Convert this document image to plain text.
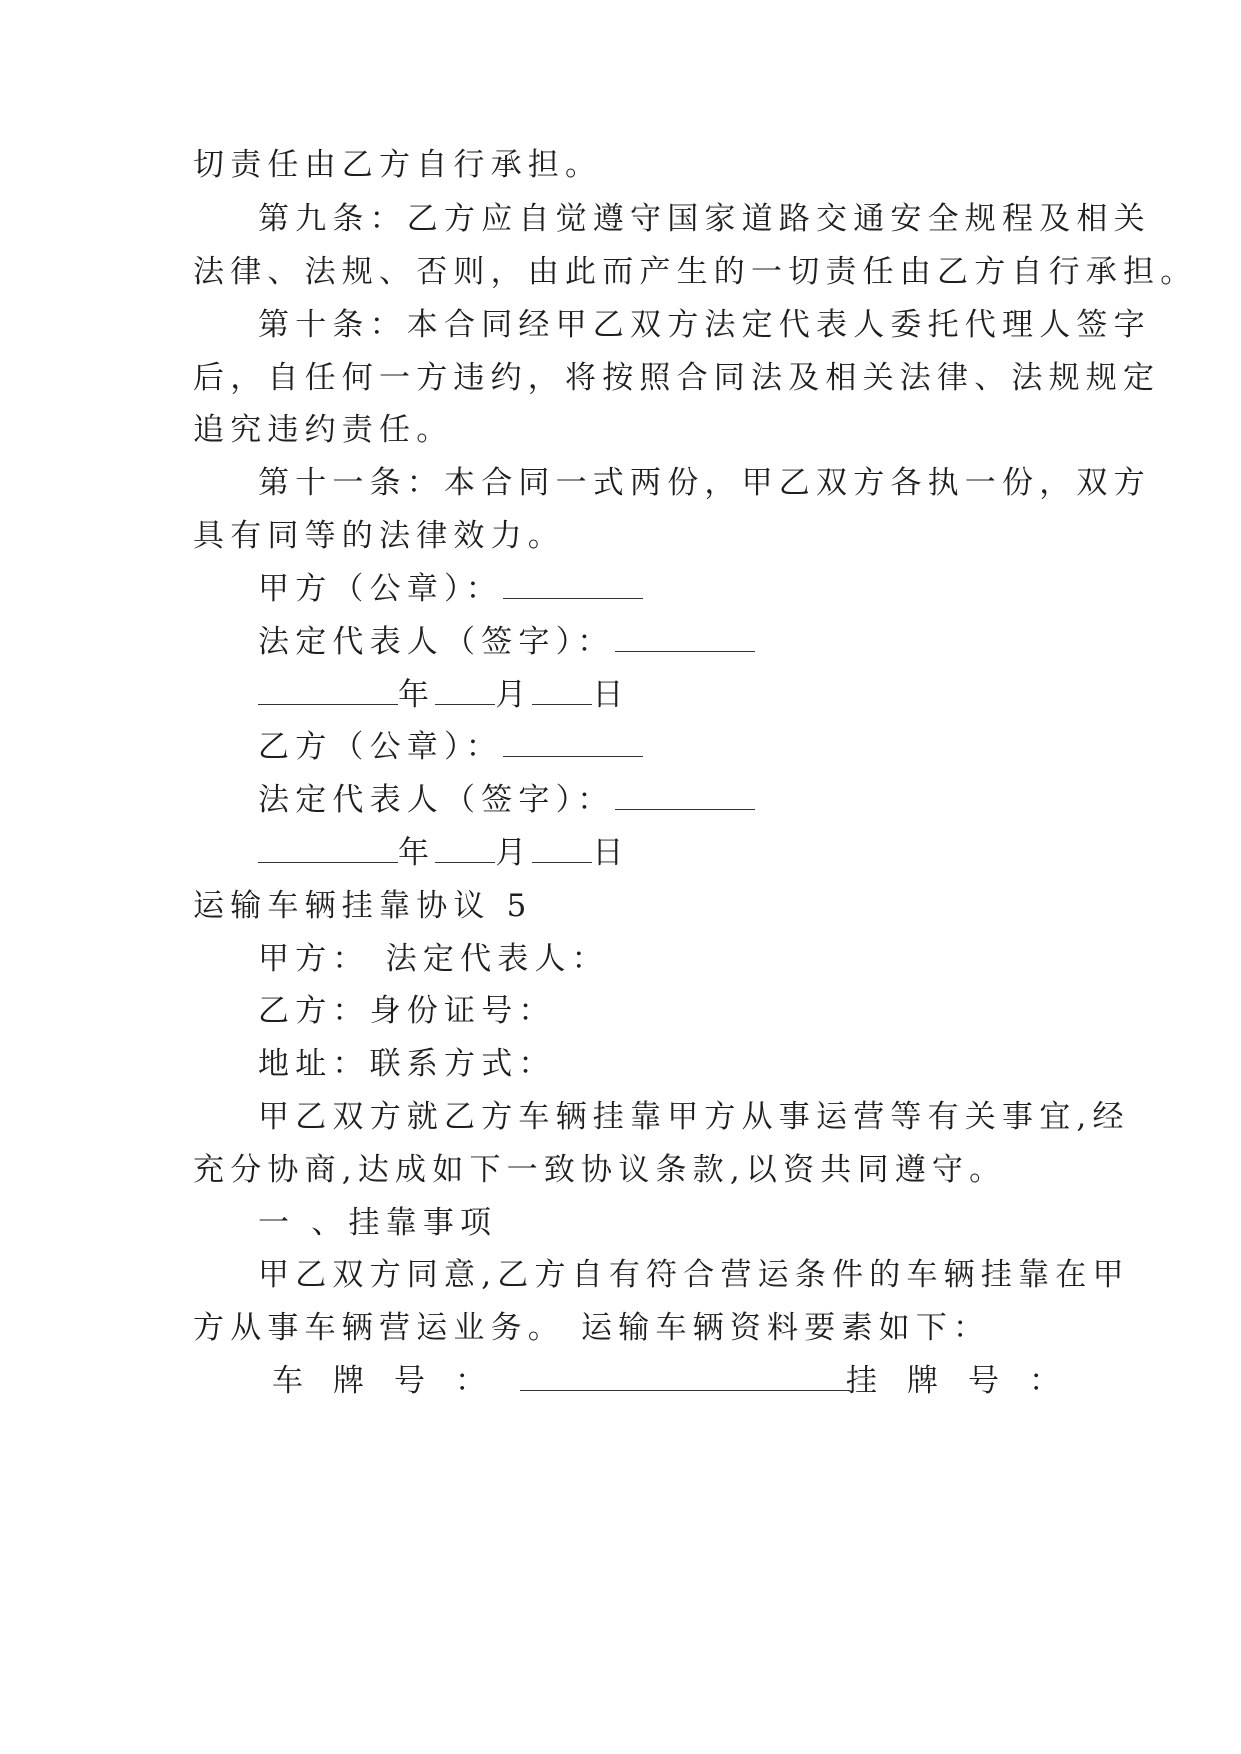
切责任由乙方自行承担。
第九条：乙方应自觉遵守国家道路交通安全规程及相关
法律、法规、否则，由此而产生的一切责任由乙方自行承担。
第十条：本合同经甲乙双方法定代表人委托代理人签字
后，自任何一方违约，将按照合同法及相关法律、法规规定
追究违约责任。
第十一条：本合同一式两份，甲乙双方各执一份，双方
具有同等的法律效力。
甲方（公章）：
法定代表人（签字）：
年 月 日
乙方（公章）：
法定代表人（签字）：
年 月 日
运输车辆挂靠协议 5
甲方： 法定代表人：
乙方：身份证号：
地址：联系方式：
甲乙双方就乙方车辆挂靠甲方从事运营等有关事宜,经
充分协商,达成如下一致协议条款,以资共同遵守。
一 、挂靠事项
甲乙双方同意,乙方自有符合营运条件的车辆挂靠在甲
方从事车辆营运业务。 运输车辆资料要素如下：
车牌号：	挂牌号：
